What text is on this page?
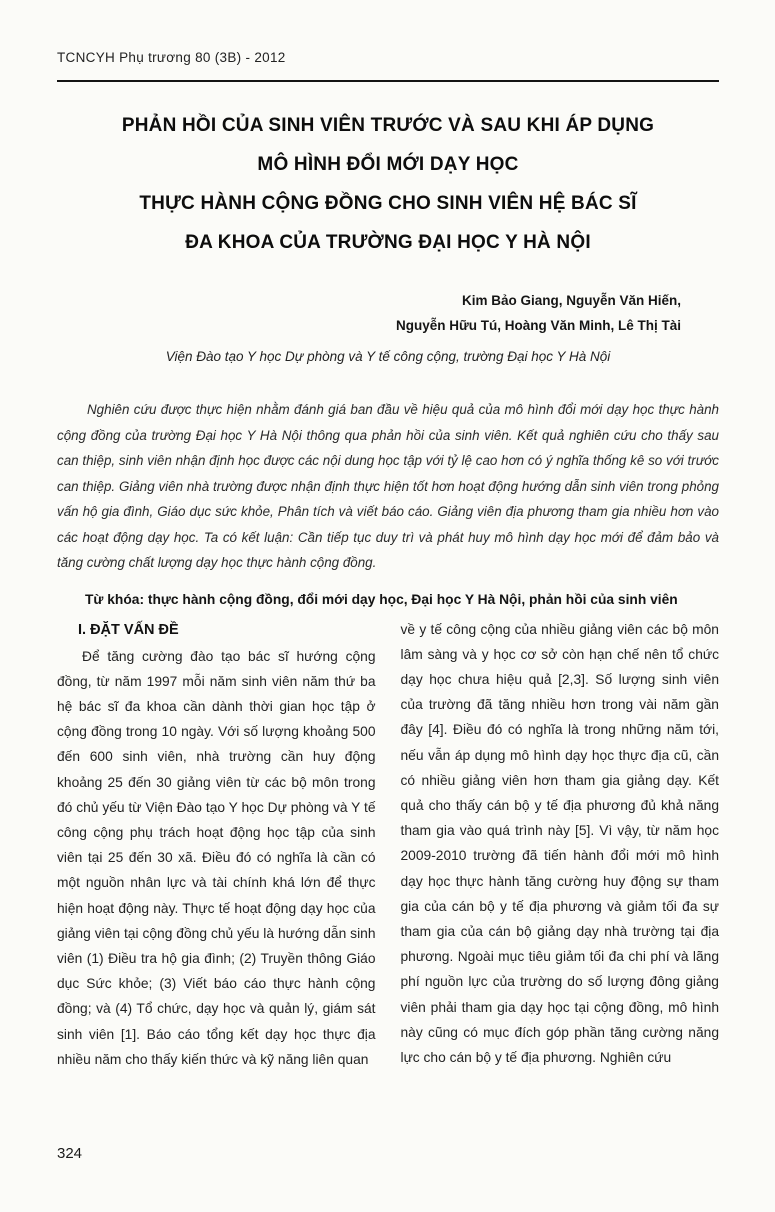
TCNCYH Phụ trương 80 (3B) - 2012
PHẢN HỒI CỦA SINH VIÊN TRƯỚC VÀ SAU KHI ÁP DỤNG
MÔ HÌNH ĐỔI MỚI DẠY HỌC
THỰC HÀNH CỘNG ĐỒNG CHO SINH VIÊN HỆ BÁC SĨ
ĐA KHOA CỦA TRƯỜNG ĐẠI HỌC Y HÀ NỘI
Kim Bảo Giang, Nguyễn Văn Hiến,
Nguyễn Hữu Tú, Hoàng Văn Minh, Lê Thị Tài
Viện Đào tạo Y học Dự phòng và Y tế công cộng, trường Đại học Y Hà Nội

Nghiên cứu được thực hiện nhằm đánh giá ban đầu về hiệu quả của mô hình đổi mới dạy học thực hành cộng đồng của trường Đại học Y Hà Nội thông qua phản hồi của sinh viên. Kết quả nghiên cứu cho thấy sau can thiệp, sinh viên nhận định học được các nội dung học tập với tỷ lệ cao hơn có ý nghĩa thống kê so với trước can thiệp. Giảng viên nhà trường được nhận định thực hiện tốt hơn hoạt động hướng dẫn sinh viên trong phỏng vấn hộ gia đình, Giáo dục sức khỏe, Phân tích và viết báo cáo. Giảng viên địa phương tham gia nhiều hơn vào các hoạt động dạy học. Ta có kết luận: Cần tiếp tục duy trì và phát huy mô hình dạy học mới để đảm bảo và tăng cường chất lượng dạy học thực hành cộng đồng.

Từ khóa: thực hành cộng đồng, đổi mới dạy học, Đại học Y Hà Nội, phản hồi của sinh viên

I. ĐẶT VẤN ĐỀ

Để tăng cường đào tạo bác sĩ hướng cộng đồng, từ năm 1997 mỗi năm sinh viên năm thứ ba hệ bác sĩ đa khoa cần dành thời gian học tập ở cộng đồng trong 10 ngày. Với số lượng khoảng 500 đến 600 sinh viên, nhà trường cần huy động khoảng 25 đến 30 giảng viên từ các bộ môn trong đó chủ yếu từ Viện Đào tạo Y học Dự phòng và Y tế công cộng phụ trách hoạt động học tập của sinh viên tại 25 đến 30 xã. Điều đó có nghĩa là cần có một nguồn nhân lực và tài chính khá lớn để thực hiện hoạt động này. Thực tế hoạt động dạy học của giảng viên tại cộng đồng chủ yếu là hướng dẫn sinh viên (1) Điều tra hộ gia đình; (2) Truyền thông Giáo dục Sức khỏe; (3) Viết báo cáo thực hành cộng đồng; và (4) Tổ chức, dạy học và quản lý, giám sát sinh viên [1]. Báo cáo tổng kết dạy học thực địa nhiều năm cho thấy kiến thức và kỹ năng liên quan

về y tế công cộng của nhiều giảng viên các bộ môn lâm sàng và y học cơ sở còn hạn chế nên tổ chức dạy học chưa hiệu quả [2,3]. Số lượng sinh viên của trường đã tăng nhiều hơn trong vài năm gần đây [4]. Điều đó có nghĩa là trong những năm tới, nếu vẫn áp dụng mô hình dạy học thực địa cũ, cần có nhiều giảng viên hơn tham gia giảng dạy. Kết quả cho thấy cán bộ y tế địa phương đủ khả năng tham gia vào quá trình này [5]. Vì vậy, từ năm học 2009-2010 trường đã tiến hành đổi mới mô hình dạy học thực hành tăng cường huy động sự tham gia của cán bộ y tế địa phương và giảm tối đa sự tham gia của cán bộ giảng dạy nhà trường tại địa phương. Ngoài mục tiêu giảm tối đa chi phí và lãng phí nguồn lực của trường do số lượng đông giảng viên phải tham gia dạy học tại cộng đồng, mô hình này cũng có mục đích góp phần tăng cường năng lực cho cán bộ y tế địa phương. Nghiên cứu

324
